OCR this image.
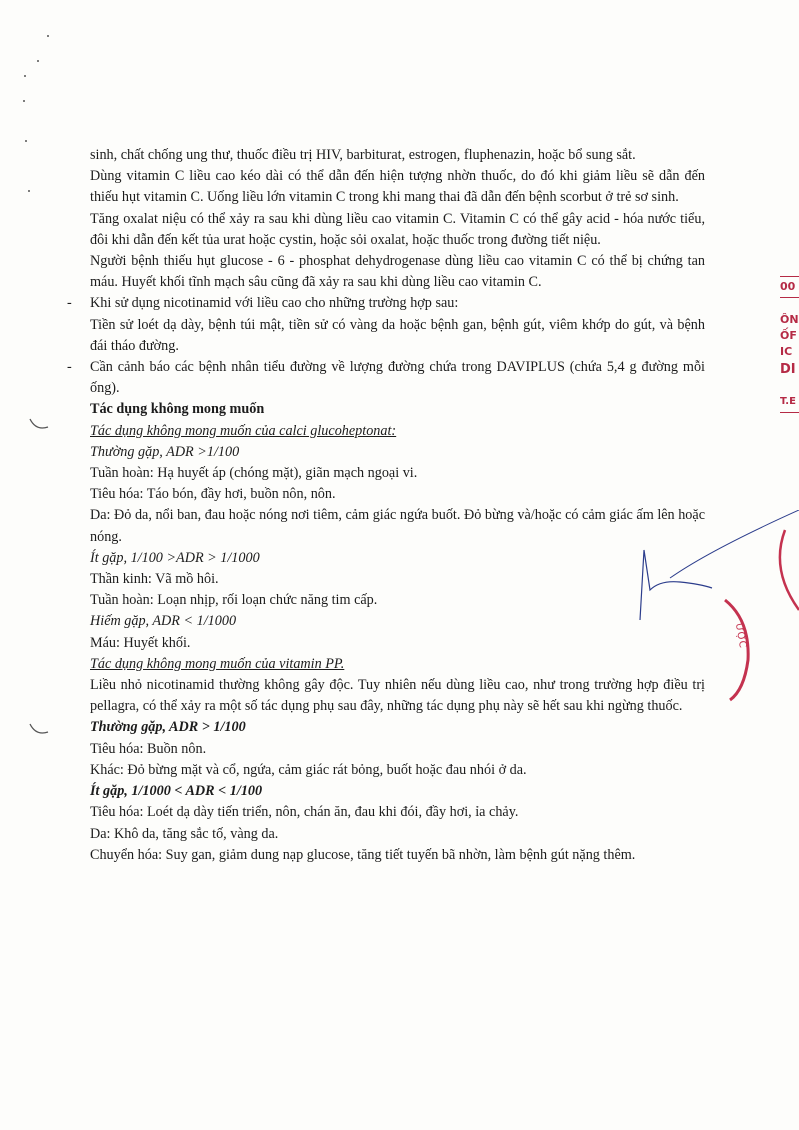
00
ÔN
ỐF
IC
DI
T.E
ƯỢC

sinh, chất chống ung thư, thuốc điều trị HIV, barbiturat, estrogen, fluphenazin, hoặc bổ sung sắt.

Dùng vitamin C liều cao kéo dài có thể dẫn đến hiện tượng nhờn thuốc, do đó khi giảm liều sẽ dẫn đến thiếu hụt vitamin C. Uống liều lớn vitamin C trong khi mang thai đã dẫn đến bệnh scorbut ở trẻ sơ sinh.

Tăng oxalat niệu có thể xảy ra sau khi dùng liều cao vitamin C. Vitamin C có thể gây acid - hóa nước tiểu, đôi khi dẫn đến kết tủa urat hoặc cystin, hoặc sỏi oxalat, hoặc thuốc trong đường tiết niệu.

Người bệnh thiếu hụt glucose - 6 - phosphat dehydrogenase dùng liều cao vitamin C có thể bị chứng tan máu. Huyết khối tĩnh mạch sâu cũng đã xảy ra sau khi dùng liều cao vitamin C.

- Khi sử dụng nicotinamid với liều cao cho những trường hợp sau:

Tiền sử loét dạ dày, bệnh túi mật, tiền sử có vàng da hoặc bệnh gan, bệnh gút, viêm khớp do gút, và bệnh đái tháo đường.

- Cần cảnh báo các bệnh nhân tiểu đường về lượng đường chứa trong DAVIPLUS (chứa 5,4 g đường mỗi ống).

Tác dụng không mong muốn

Tác dụng không mong muốn của calci glucoheptonat:

Thường gặp, ADR >1/100

Tuần hoàn: Hạ huyết áp (chóng mặt), giãn mạch ngoại vi.

Tiêu hóa: Táo bón, đầy hơi, buồn nôn, nôn.

Da: Đỏ da, nổi ban, đau hoặc nóng nơi tiêm, cảm giác ngứa buốt. Đỏ bừng và/hoặc có cảm giác ấm lên hoặc nóng.

Ít gặp, 1/100 >ADR > 1/1000

Thần kinh: Vã mồ hôi.

Tuần hoàn: Loạn nhịp, rối loạn chức năng tim cấp.

Hiếm gặp, ADR < 1/1000

Máu: Huyết khối.

Tác dụng không mong muốn của vitamin PP.

Liều nhỏ nicotinamid thường không gây độc. Tuy nhiên nếu dùng liều cao, như trong trường hợp điều trị pellagra, có thể xảy ra một số tác dụng phụ sau đây, những tác dụng phụ này sẽ hết sau khi ngừng thuốc.

Thường gặp, ADR > 1/100

Tiêu hóa: Buồn nôn.

Khác: Đỏ bừng mặt và cổ, ngứa, cảm giác rát bỏng, buốt hoặc đau nhói ở da.

Ít gặp, 1/1000 < ADR < 1/100

Tiêu hóa: Loét dạ dày tiến triển, nôn, chán ăn, đau khi đói, đầy hơi, ỉa chảy.

Da: Khô da, tăng sắc tố, vàng da.

Chuyển hóa: Suy gan, giảm dung nạp glucose, tăng tiết tuyến bã nhờn, làm bệnh gút nặng thêm.
